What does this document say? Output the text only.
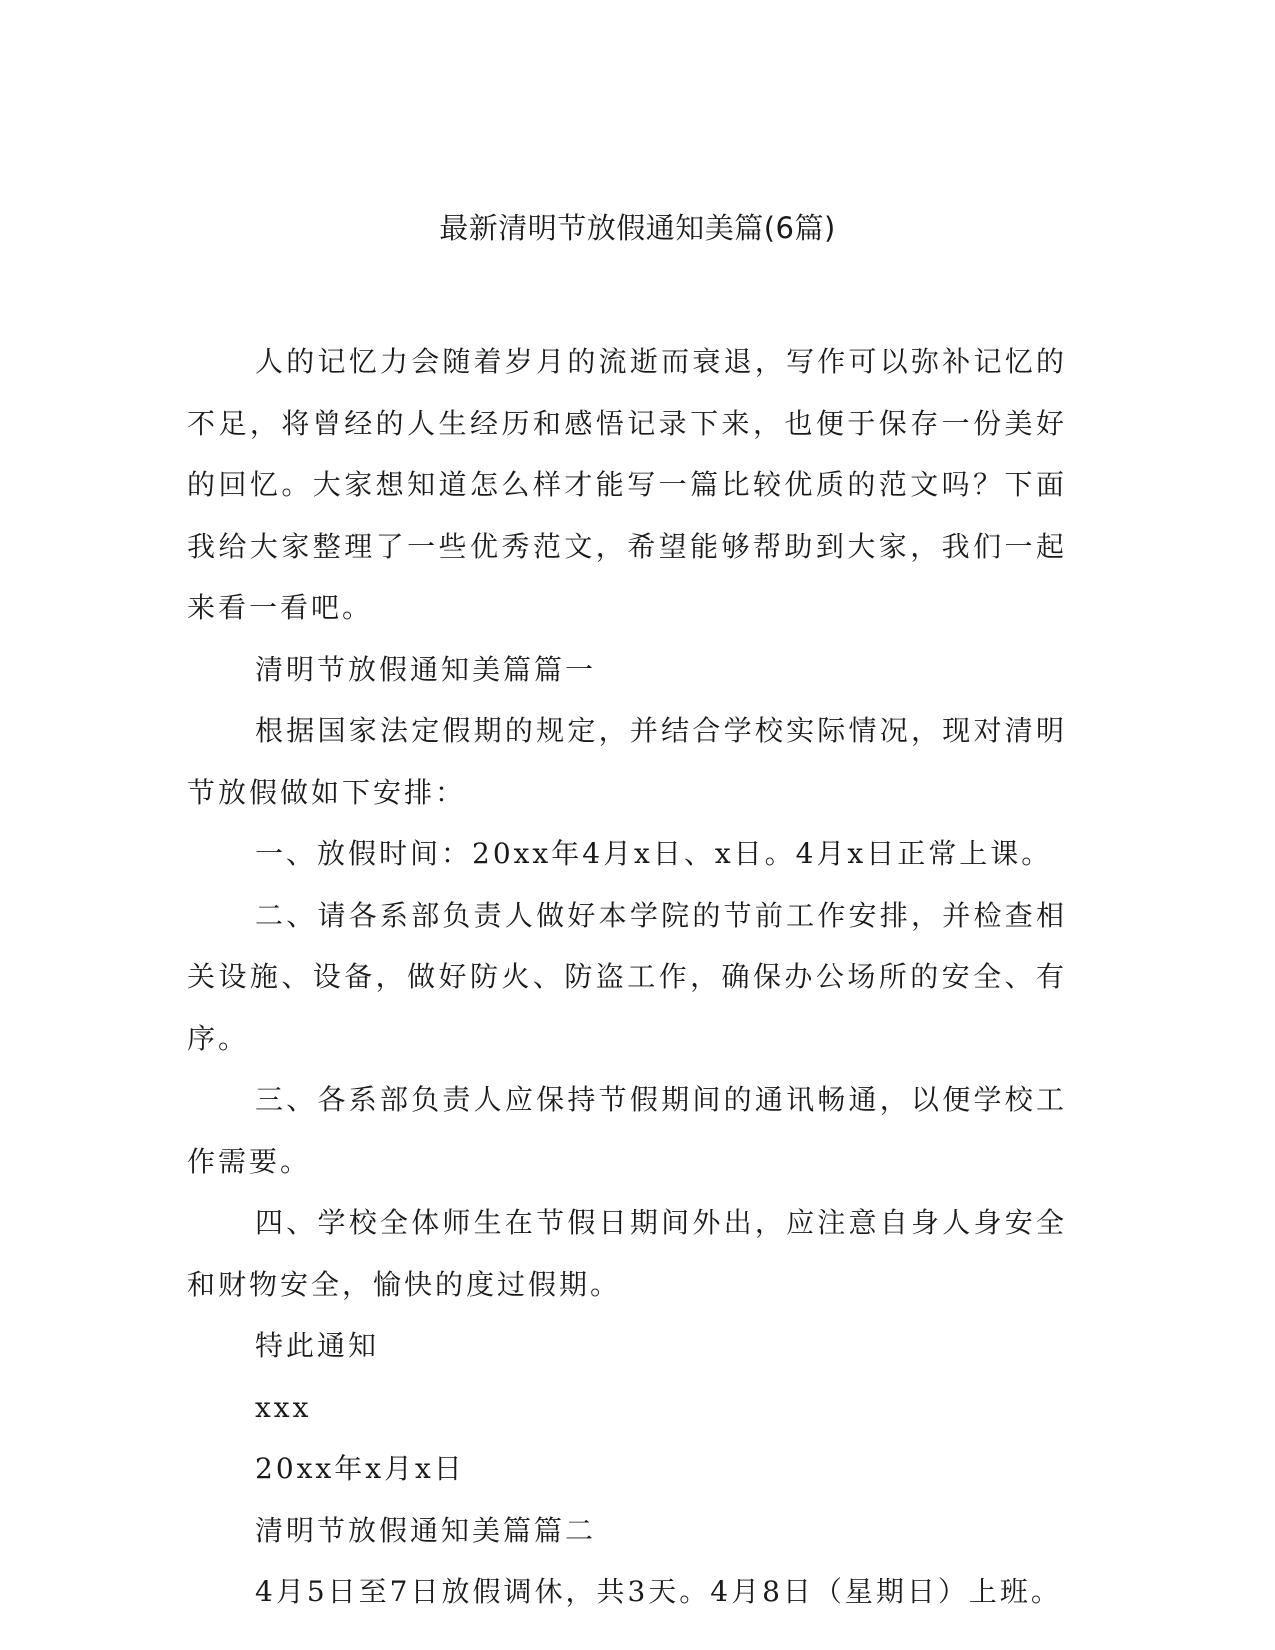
最新清明节放假通知美篇(6篇)

人的记忆力会随着岁月的流逝而衰退，写作可以弥补记忆的不足，将曾经的人生经历和感悟记录下来，也便于保存一份美好的回忆。大家想知道怎么样才能写一篇比较优质的范文吗？下面我给大家整理了一些优秀范文，希望能够帮助到大家，我们一起来看一看吧。

清明节放假通知美篇篇一

根据国家法定假期的规定，并结合学校实际情况，现对清明节放假做如下安排：

一、放假时间：20xx年4月x日、x日。4月x日正常上课。

二、请各系部负责人做好本学院的节前工作安排，并检查相关设施、设备，做好防火、防盗工作，确保办公场所的安全、有序。

三、各系部负责人应保持节假期间的通讯畅通，以便学校工作需要。

四、学校全体师生在节假日期间外出，应注意自身人身安全和财物安全，愉快的度过假期。

特此通知

xxx

20xx年x月x日

清明节放假通知美篇篇二

4月5日至7日放假调休，共3天。4月8日（星期日）上班。
